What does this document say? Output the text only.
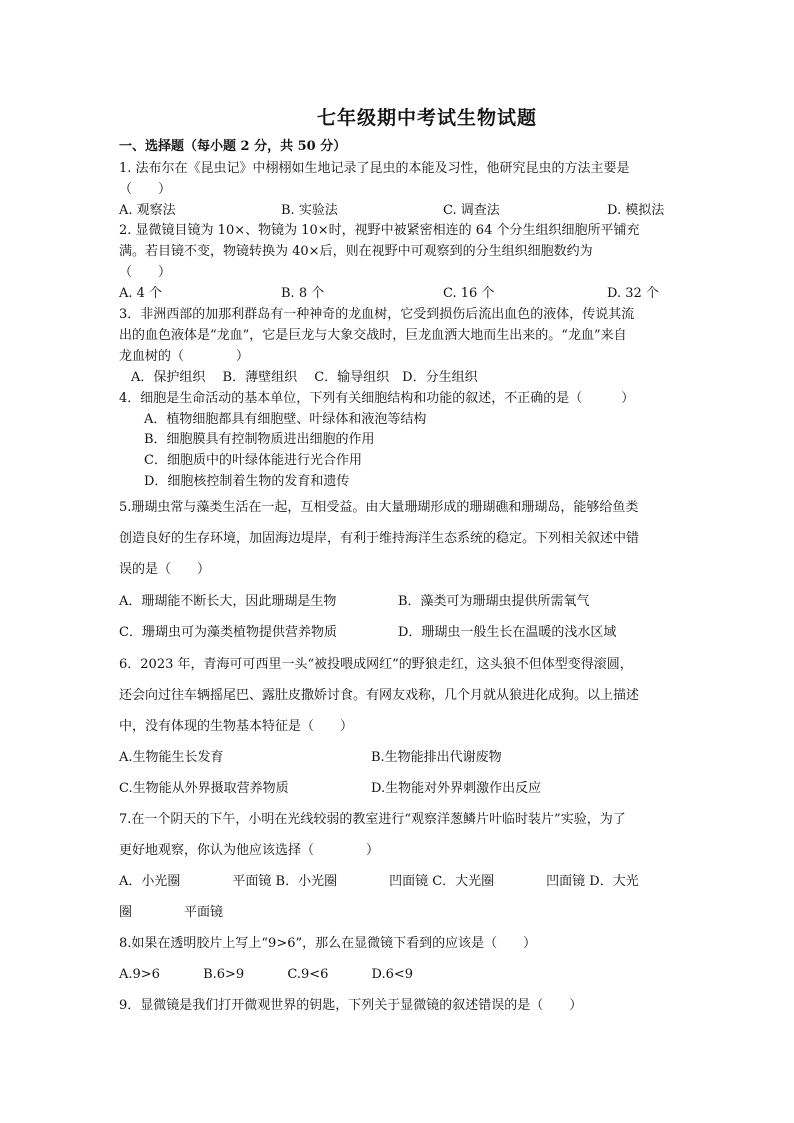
七年级期中考试生物试题
一、选择题（每小题 2 分，共 50 分）
1. 法布尔在《昆虫记》中栩栩如生地记录了昆虫的本能及习性，他研究昆虫的方法主要是
（　　）
A. 观察法	B. 实验法	C. 调查法	D. 模拟法
2. 显微镜目镜为 10×、物镜为 10×时，视野中被紧密相连的 64 个分生组织细胞所平铺充
满。若目镜不变，物镜转换为 40×后，则在视野中可观察到的分生组织细胞数约为
（　　）
A. 4 个	B. 8 个	C. 16 个	D. 32 个
3．非洲西部的加那利群岛有一种神奇的龙血树，它受到损伤后流出血色的液体，传说其流
出的血色液体是“龙血”，它是巨龙与大象交战时，巨龙血洒大地而生出来的。“龙血”来自
龙血树的（　　　　）
A．保护组织　 B．薄壁组织　 C．输导组织　D．分生组织
4．细胞是生命活动的基本单位，下列有关细胞结构和功能的叙述，不正确的是（　　　）
A．植物细胞都具有细胞壁、叶绿体和液泡等结构
B．细胞膜具有控制物质进出细胞的作用
C．细胞质中的叶绿体能进行光合作用
D．细胞核控制着生物的发育和遗传
5.珊瑚虫常与藻类生活在一起，互相受益。由大量珊瑚形成的珊瑚礁和珊瑚岛，能够给鱼类
创造良好的生存环境，加固海边堤岸，有利于维持海洋生态系统的稳定。下列相关叙述中错
误的是（　　）
A．珊瑚能不断长大，因此珊瑚是生物	B．藻类可为珊瑚虫提供所需氧气
C．珊瑚虫可为藻类植物提供营养物质	D．珊瑚虫一般生长在温暖的浅水区域
6．2023 年，青海可可西里一头“被投喂成网红”的野狼走红，这头狼不但体型变得滚圆，
还会向过往车辆摇尾巴、露肚皮撒娇讨食。有网友戏称，几个月就从狼进化成狗。以上描述
中，没有体现的生物基本特征是（　　）
A.生物能生长发育	B.生物能排出代谢废物
C.生物能从外界摄取营养物质	D.生物能对外界刺激作出反应
7.在一个阴天的下午，小明在光线较弱的教室进行“观察洋葱鳞片叶临时装片”实验，为了
更好地观察，你认为他应该选择（　　　　）
A．小光圈　　　　平面镜 B．小光圈　　　　凹面镜 C．大光圈　　　　凹面镜 D．大光
圈　　　　平面镜
8.如果在透明胶片上写上“9>6”，那么在显微镜下看到的应该是（　　）
A.9>6　　　 B.6>9　　　 C.9<6　　　 D.6<9
9．显微镜是我们打开微观世界的钥匙，下列关于显微镜的叙述错误的是（　　）
